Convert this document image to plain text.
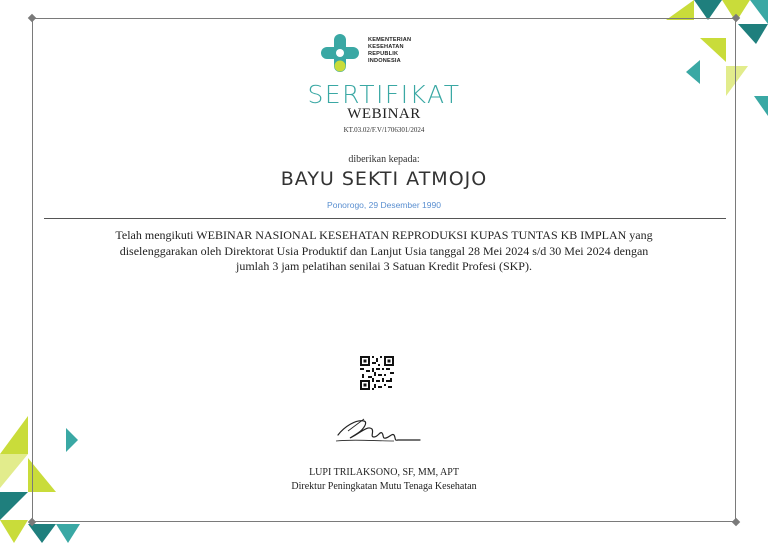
KEMENTERIAN
KESEHATAN
REPUBLIK
INDONESIA
SERTIFIKAT
WEBINAR
KT.03.02/F.V/1706301/2024
diberikan kepada:
BAYU SEKTI ATMOJO
Ponorogo, 29 Desember 1990
Telah mengikuti WEBINAR NASIONAL KESEHATAN REPRODUKSI KUPAS TUNTAS KB IMPLAN yang
diselenggarakan oleh Direktorat Usia Produktif dan Lanjut Usia tanggal 28 Mei 2024 s/d 30 Mei 2024 dengan
jumlah 3 jam pelatihan senilai 3 Satuan Kredit Profesi (SKP).
LUPI TRILAKSONO, SF, MM, APT
Direktur Peningkatan Mutu Tenaga Kesehatan
